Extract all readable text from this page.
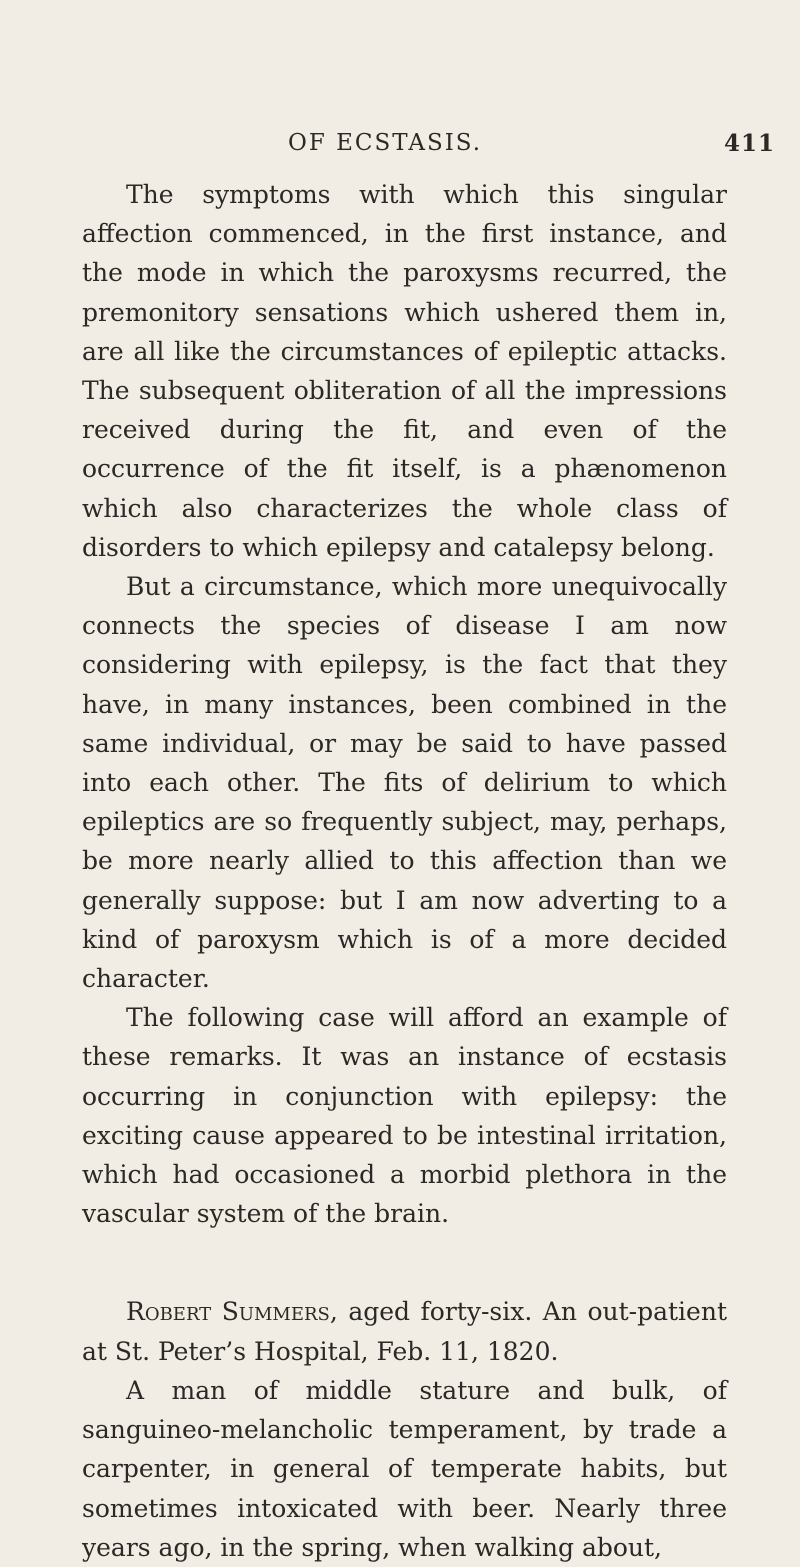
OF ECSTASIS.	411

The symptoms with which this singular affection commenced, in the first instance, and the mode in which the paroxysms recurred, the premonitory sensations which ushered them in, are all like the circumstances of epileptic attacks. The subsequent obliteration of all the impressions received during the fit, and even of the occurrence of the fit itself, is a phænomenon which also characterizes the whole class of disorders to which epilepsy and catalepsy belong.

But a circumstance, which more unequivocally connects the species of disease I am now considering with epilepsy, is the fact that they have, in many instances, been combined in the same individual, or may be said to have passed into each other. The fits of delirium to which epileptics are so frequently subject, may, perhaps, be more nearly allied to this affection than we generally suppose: but I am now adverting to a kind of paroxysm which is of a more decided character.

The following case will afford an example of these remarks. It was an instance of ecstasis occurring in conjunction with epilepsy: the exciting cause appeared to be intestinal irritation, which had occasioned a morbid plethora in the vascular system of the brain.

Robert Summers, aged forty-six. An out-patient at St. Peter’s Hospital, Feb. 11, 1820.

A man of middle stature and bulk, of sanguineo-melancholic temperament, by trade a carpenter, in general of temperate habits, but sometimes intoxicated with beer. Nearly three years ago, in the spring, when walking about,
